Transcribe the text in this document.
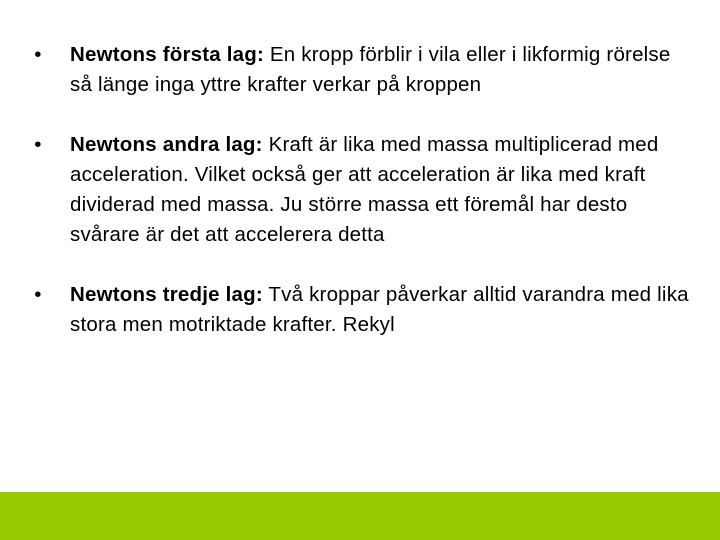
•	Newtons första lag: En kropp förblir i vila eller i likformig rörelse så länge inga yttre krafter verkar på kroppen
•	Newtons andra lag: Kraft är lika med massa multiplicerad med acceleration. Vilket också ger att acceleration är lika med kraft dividerad med massa. Ju större massa ett föremål har desto svårare är det att accelerera detta
•	Newtons tredje lag: Två kroppar påverkar alltid varandra med lika stora men motriktade krafter. Rekyl
